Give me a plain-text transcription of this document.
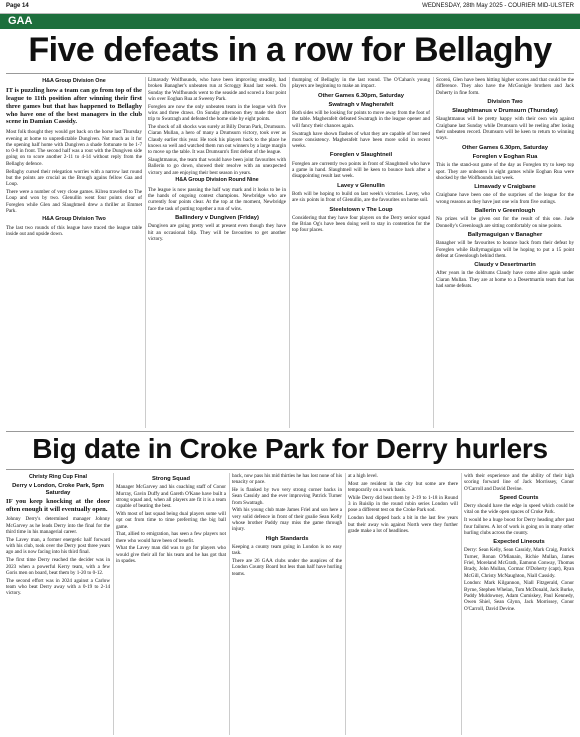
Page 14	WEDNESDAY, 28th May 2025 - COURIER MID-ULSTER
GAA
Five defeats in a row for Bellaghy
H&A Group Division One

IT is puzzling how a team can go from top of the league to 11th position after winning their first three games but that has happened to Bellaghy who have one of the best managers in the club scene in Damian Cassidy.

Most folk thought they would get back on the horse last Thursday evening at home to unpredictable Dungiven. Not much as it for the opening half home with Dungiven a shade fortunate to be 1-7 to 0-8 in front. The second half was a rout with the Dungiven side going on to score another 2-11 to 4-14 without reply from the Bellaghy defence.

Bellaghy cursed their relegation worries with a narrow last round but the points are crucial as the Brough agains fellow Gaa and Loup.

There were a number of very close games. Kilrea travelled to The Loup and won by two. Glenullin went four points clear of Foreglen while Glen and Slaughtneil drew a thriller at Emmet Park.

H&A Group Division Two

The last two rounds of this league have traced the league table inside out and upside down.

Limavady Wolfhounds, who have been improving steadily, had broken Banagher's unbeaten run at Scroggy Road last week. On Sunday the Wolfhounds went to the seaside and scored a four point win over Eoghan Rua at Sweeny Park.

Foreglen are now the only unbeaten team in the league with five wins and three draws. On Sunday afternoon they made the short trip to Swatragh and defeated the home side by eight points.

The shock of all shocks was surely at Billy Doran Park, Drumsurn. Ciaran Mullan, a hero of many a Drumsurn victory, took over as Claudy earlier this year. He took his players back to the place he knows so well and watched them run out winners by a large margin to move up the table. It was Drumsurn's first defeat of the league.

Slaughtmanus, the team that would have been joint favourites with Ballerin to go down, showed their resolve with an unexpected victory and are enjoying their best season in years.

H&A Group Division Round Nine

The league is now passing the half way mark and it looks to be in the hands of ongoing contest champions. Newbridge who are currently four points clear. At the top at the moment, Newbridge face the task of putting together a run of wins.

Ballindery v Dungiven (Friday)

Dungiven are going pretty well at present even though they have hit an occasional blip. They will be favourites to get another victory.

thumping of Bellaghy in the last round. The O'Cahan's young players are beginning to make an impact.

Other Games 6.30pm, Saturday
Swatragh v Magherafelt

Both sides will be looking for points to move away from the foot of the table. Magherafelt defeated Swatragh in the league opener and will fancy their chances again.

Swatragh have shown flashes of what they are capable of but need more consistency. Magherafelt have been more solid in recent weeks.

Foreglen v Slaughtneil

Foreglen are currently two points in front of Slaughtneil who have a game in hand. Slaughtneil will be keen to bounce back after a disappointing result last week.

Lavey v Glenullin

Both will be hoping to build on last week's victories. Lavey, who are six points in front of Glenullin, are the favourites on home soil.

Steelstown v The Loup

Considering that they have four players on the Derry senior squad the Brian Og's have been doing well to stay in contention for the top four places.

Scoreá, Glen have been hitting higher scores and that could be the difference. They also have the McGonigle brothers and Jack Doherty in fine form.

Division Two
Slaughtmanus v Drumsurn (Thursday)

Slaughtmanus will be pretty happy with their own win against Craigbane last Sunday while Drumsurn will be reeling after losing their unbeaten record. Drumsurn will be keen to return to winning ways.

Other Games 6.30pm, Saturday
Foreglen v Eoghan Rua

This is the stand-out game of the day as Foreglen try to keep top spot. They are unbeaten in eight games while Eoghan Rua were shocked by the Wolfhounds last week.

Limavady v Craigbane

Craigbane have been one of the surprises of the league for the wrong reasons as they have just one win from five outings.

Ballerin v Greenlough

No prizes will be given out for the result of this one. Jude Donnelly's Greenlough are sitting comfortably on nine points.

Ballymaguigan v Banagher

Banagher will be favourites to bounce back from their defeat by Foreglen while Ballymaguigan will be hoping to put a 15 point defeat at Greenlough behind them.

Claudy v Desertmartin

After years in the doldrums Claudy have come alive again under Ciaran Mullan. They are at home to a Desertmartin team that has had some defeats.

Big date in Croke Park for Derry hurlers
Christy Ring Cup Final
Derry v London, Croke Park, 5pm Saturday

IF you keep knocking at the door often enough it will eventually open.

Johnny Derry's determined manager Johnny McGarvey as he leads Derry into the final for the third time in his managerial career.

The Lavey man, a former energetic half forward with his club, took over the Derry post three years ago and is now facing into his third final.

The first time Derry reached the decider was in 2023 when a powerful Kerry team, with a few Goris men on board, beat them by 1-20 to 0-12.

The second effort was in 2024 against a Carlow team who beat Derry away with a 0-19 to 2-14 victory.

Strong Squad

Manager McGarvey and his coaching staff of Conor Murray, Gavin Duffy and Gareth O'Kane have built a strong squad and, when all players are fit it is a team capable of beating the best.

With most of last squad being dual players some will opt out from time to time preferring the big ball game.

That, allied to emigration, has seen a few players not there who would have been of benefit.

What the Lavey man did was to go for players who would give their all for his team and he has got that in spades.

back, now pass his mid thirties he has lost none of his tenacity or pace.

He is flanked by two very strong corner backs in Sean Cassidy and the ever improving Patrick Turner from Swatragh.

With his young club mate James Friel and son here a very solid defence in front of their goalie Sean Kelly whose brother Paddy may miss the game through injury.

High Standards

Keeping a county team going in London is no easy task.

There are 26 GAA clubs under the auspices of the London County Board but less than half have hurling teams.

at a high level.

Most are resident in the city but some are there temporarily on a work basis.

While Derry did beat them by 2-19 to 1-18 in Round 3 in Ruislip in the round robin series London will pose a different test on the Croke Park sod.

London had dipped back a bit in the last few years but their away win against North were they further grade make a lot of headlines.

with their experience and the ability of their high scoring forward line of Jack Morrissey, Conor O'Carroll and David Devine.

Speed Counts

Derry should have the edge in speed which could be vital on the wide open spaces of Croke Park.

It would be a huge boost for Derry heading after past four failures. A lot of work is going on in many other hurling clubs across the county.

Expected Lineouts

Derry: Sean Kelly, Sean Cassidy, Mark Craig, Patrick Turner, Ronan O'Mianain, Richie Mullan, James Friel, Moreland McGrath, Eamonn Conway, Thomas Brady, John Mullan, Cormac O'Doherty (capt), Ryan McGill, Christy McNaughton, Niall Cassidy.

London: Mark Kilgannon, Niall Fitzgerald, Conor Byrne, Stephen Whelan, Tom McDonald, Jack Burke, Paddy Muldowney, Adam Cumiskey, Paul Kennedy, Owen Shiel, Sean Glynn, Jack Morrissey, Conor O'Carroll, David Devine.
